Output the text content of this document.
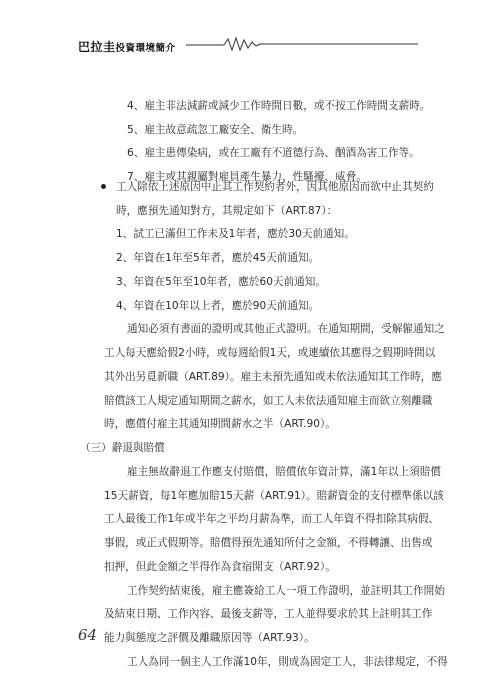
巴拉圭投資環境簡介
4、雇主非法減薪或減少工作時間日數，或不按工作時間支薪時。
5、雇主故意疏忽工廠安全、衛生時。
6、雇主患傳染病，或在工廠有不道德行為、酗酒為害工作等。
7、雇主或其親屬對雇員產生暴力、性騷擾、威脅。
工人除依上述原因中止其工作契約者外，因其他原因而欲中止其契約
時，應預先通知對方，其規定如下（ART.87）：
1、試工已滿但工作未及1年者，應於30天前通知。
2、年資在1年至5年者，應於45天前通知。
3、年資在5年至10年者，應於60天前通知。
4、年資在10年以上者，應於90天前通知。
通知必須有書面的證明或其他正式證明。在通知期間，受解僱通知之
工人每天應給假2小時，或每週給假1天，或連續依其應得之假期時間以
其外出另覓新職（ART.89）。雇主未預先通知或未依法通知其工作時，應
賠償該工人規定通知期間之薪水，如工人未依法通知雇主而欲立刻離職
時，應償付雇主其通知期間薪水之半（ART.90）。
（三）辭退與賠償
雇主無故辭退工作應支付賠償，賠償依年資計算，滿1年以上須賠償
15天薪資，每1年應加賠15天薪（ART.91）。賠薪資金的支付標準係以該
工人最後工作1年或半年之平均月薪為準，而工人年資不得扣除其病假、
事假，或正式假期等。賠償得預先通知所付之金額，不得轉讓、出售或
扣押，但此金額之半得作為食宿開支（ART.92）。
工作契約結束後，雇主應簽給工人一項工作證明，並註明其工作開始
及結束日期、工作內容、最後支薪等，工人並得要求於其上註明其工作
能力與態度之評價及離職原因等（ART.93）。
工人為同一個主人工作滿10年，則成為固定工人，非法律規定，不得
64
